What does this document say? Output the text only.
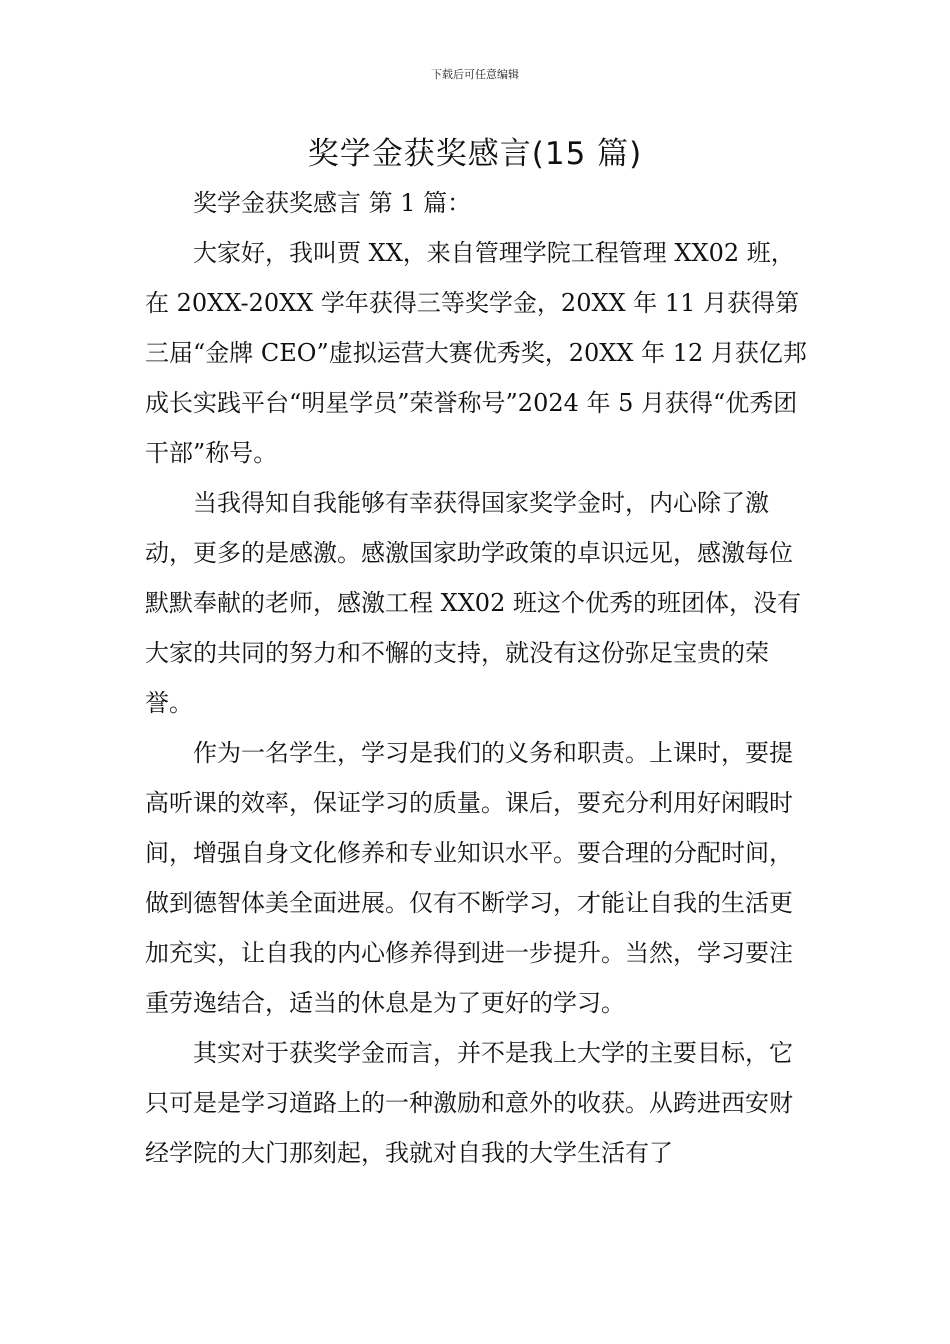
下载后可任意编辑
奖学金获奖感言(15 篇)

奖学金获奖感言 第 1 篇：

大家好，我叫贾 XX，来自管理学院工程管理 XX02 班，在 20XX-20XX 学年获得三等奖学金，20XX 年 11 月获得第三届“金牌 CEO”虚拟运营大赛优秀奖，20XX 年 12 月获亿邦成长实践平台“明星学员”荣誉称号”2024 年 5 月获得“优秀团干部”称号。

当我得知自我能够有幸获得国家奖学金时，内心除了激动，更多的是感激。感激国家助学政策的卓识远见，感激每位默默奉献的老师，感激工程 XX02 班这个优秀的班团体，没有大家的共同的努力和不懈的支持，就没有这份弥足宝贵的荣誉。

作为一名学生，学习是我们的义务和职责。上课时，要提高听课的效率，保证学习的质量。课后，要充分利用好闲暇时间，增强自身文化修养和专业知识水平。要合理的分配时间，做到德智体美全面进展。仅有不断学习，才能让自我的生活更加充实，让自我的内心修养得到进一步提升。当然，学习要注重劳逸结合，适当的休息是为了更好的学习。

其实对于获奖学金而言，并不是我上大学的主要目标，它只可是是学习道路上的一种激励和意外的收获。从跨进西安财经学院的大门那刻起，我就对自我的大学生活有了
